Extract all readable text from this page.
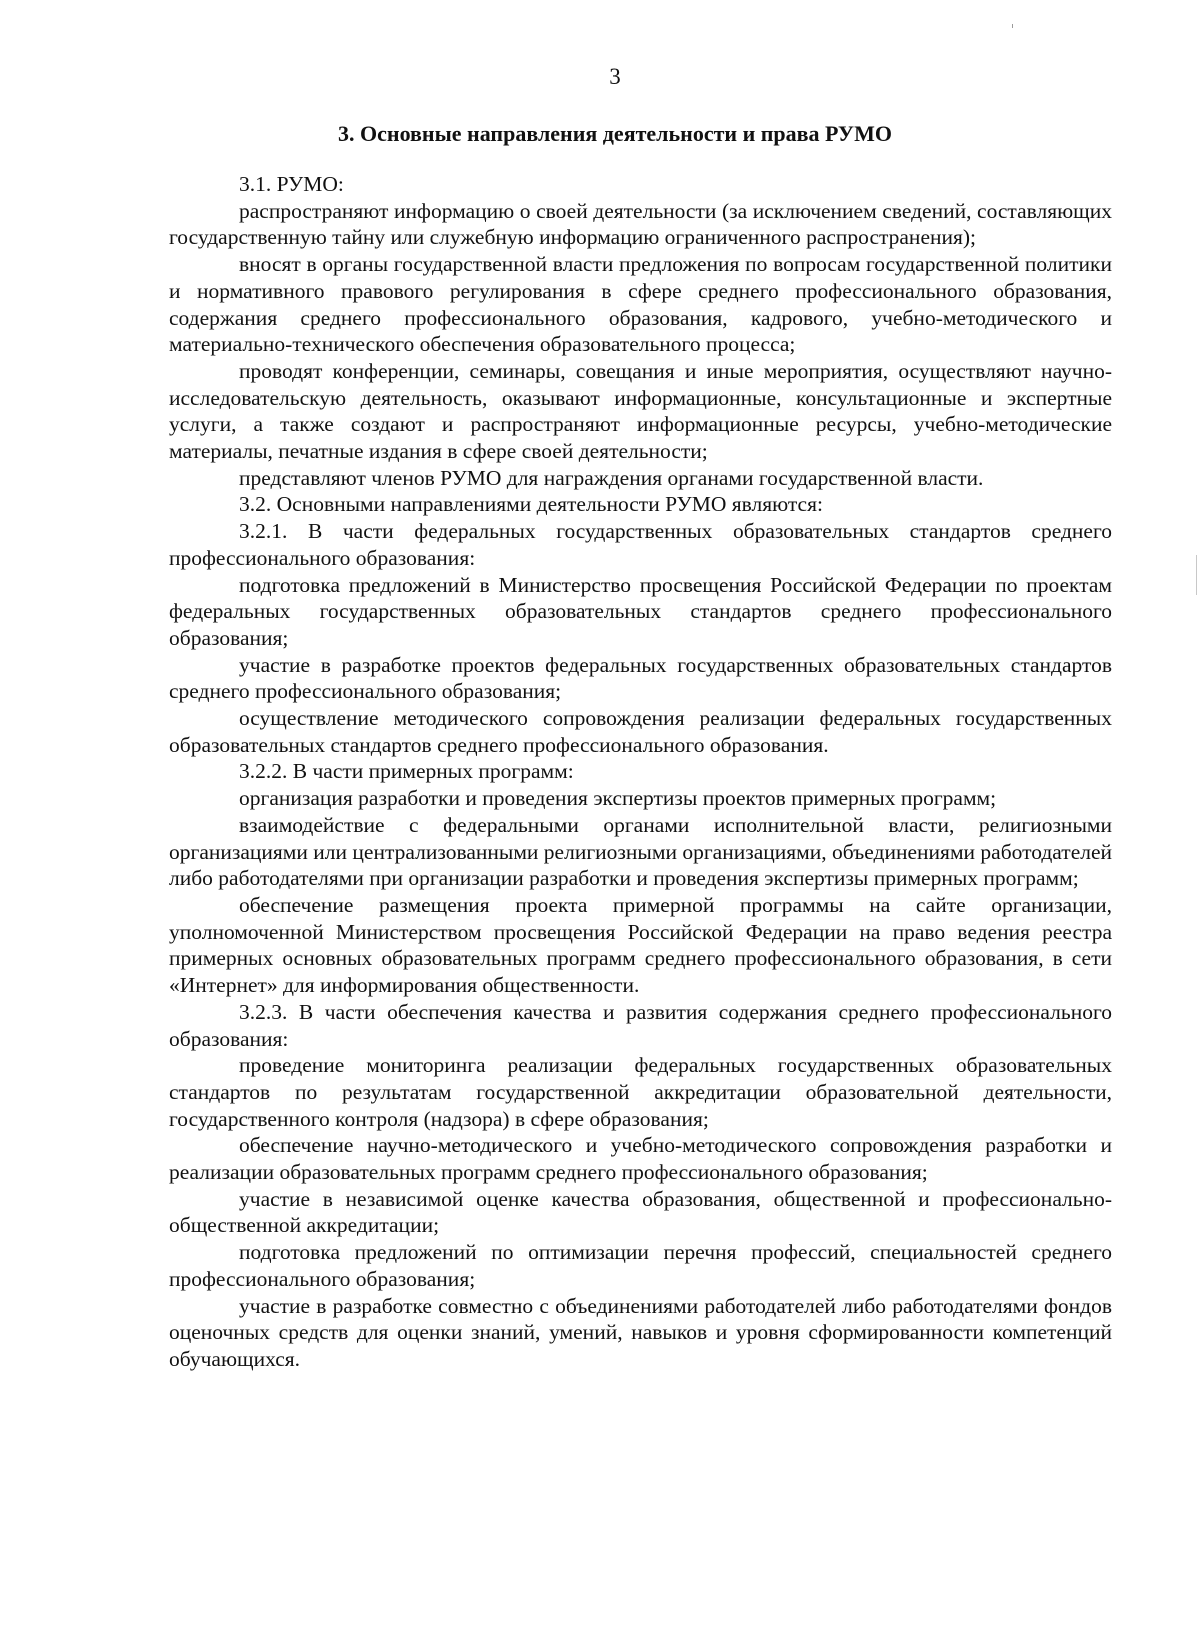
3
3. Основные направления деятельности и права РУМО

3.1. РУМО:

распространяют информацию о своей деятельности (за исключением сведений, составляющих государственную тайну или служебную информацию ограниченного распространения);

вносят в органы государственной власти предложения по вопросам государственной политики и нормативного правового регулирования в сфере среднего профессионального образования, содержания среднего профессионального образования, кадрового, учебно-методического и материально-технического обеспечения образовательного процесса;

проводят конференции, семинары, совещания и иные мероприятия, осуществляют научно-исследовательскую деятельность, оказывают информационные, консультационные и экспертные услуги, а также создают и распространяют информационные ресурсы, учебно-методические материалы, печатные издания в сфере своей деятельности;

представляют членов РУМО для награждения органами государственной власти.

3.2. Основными направлениями деятельности РУМО являются:

3.2.1. В части федеральных государственных образовательных стандартов среднего профессионального образования:

подготовка предложений в Министерство просвещения Российской Федерации по проектам федеральных государственных образовательных стандартов среднего профессионального образования;

участие в разработке проектов федеральных государственных образовательных стандартов среднего профессионального образования;

осуществление методического сопровождения реализации федеральных государственных образовательных стандартов среднего профессионального образования.

3.2.2. В части примерных программ:

организация разработки и проведения экспертизы проектов примерных программ;

взаимодействие с федеральными органами исполнительной власти, религиозными организациями или централизованными религиозными организациями, объединениями работодателей либо работодателями при организации разработки и проведения экспертизы примерных программ;

обеспечение размещения проекта примерной программы на сайте организации, уполномоченной Министерством просвещения Российской Федерации на право ведения реестра примерных основных образовательных программ среднего профессионального образования, в сети «Интернет» для информирования общественности.

3.2.3. В части обеспечения качества и развития содержания среднего профессионального образования:

проведение мониторинга реализации федеральных государственных образовательных стандартов по результатам государственной аккредитации образовательной деятельности, государственного контроля (надзора) в сфере образования;

обеспечение научно-методического и учебно-методического сопровождения разработки и реализации образовательных программ среднего профессионального образования;

участие в независимой оценке качества образования, общественной и профессионально-общественной аккредитации;

подготовка предложений по оптимизации перечня профессий, специальностей среднего профессионального образования;

участие в разработке совместно с объединениями работодателей либо работодателями фондов оценочных средств для оценки знаний, умений, навыков и уровня сформированности компетенций обучающихся.
